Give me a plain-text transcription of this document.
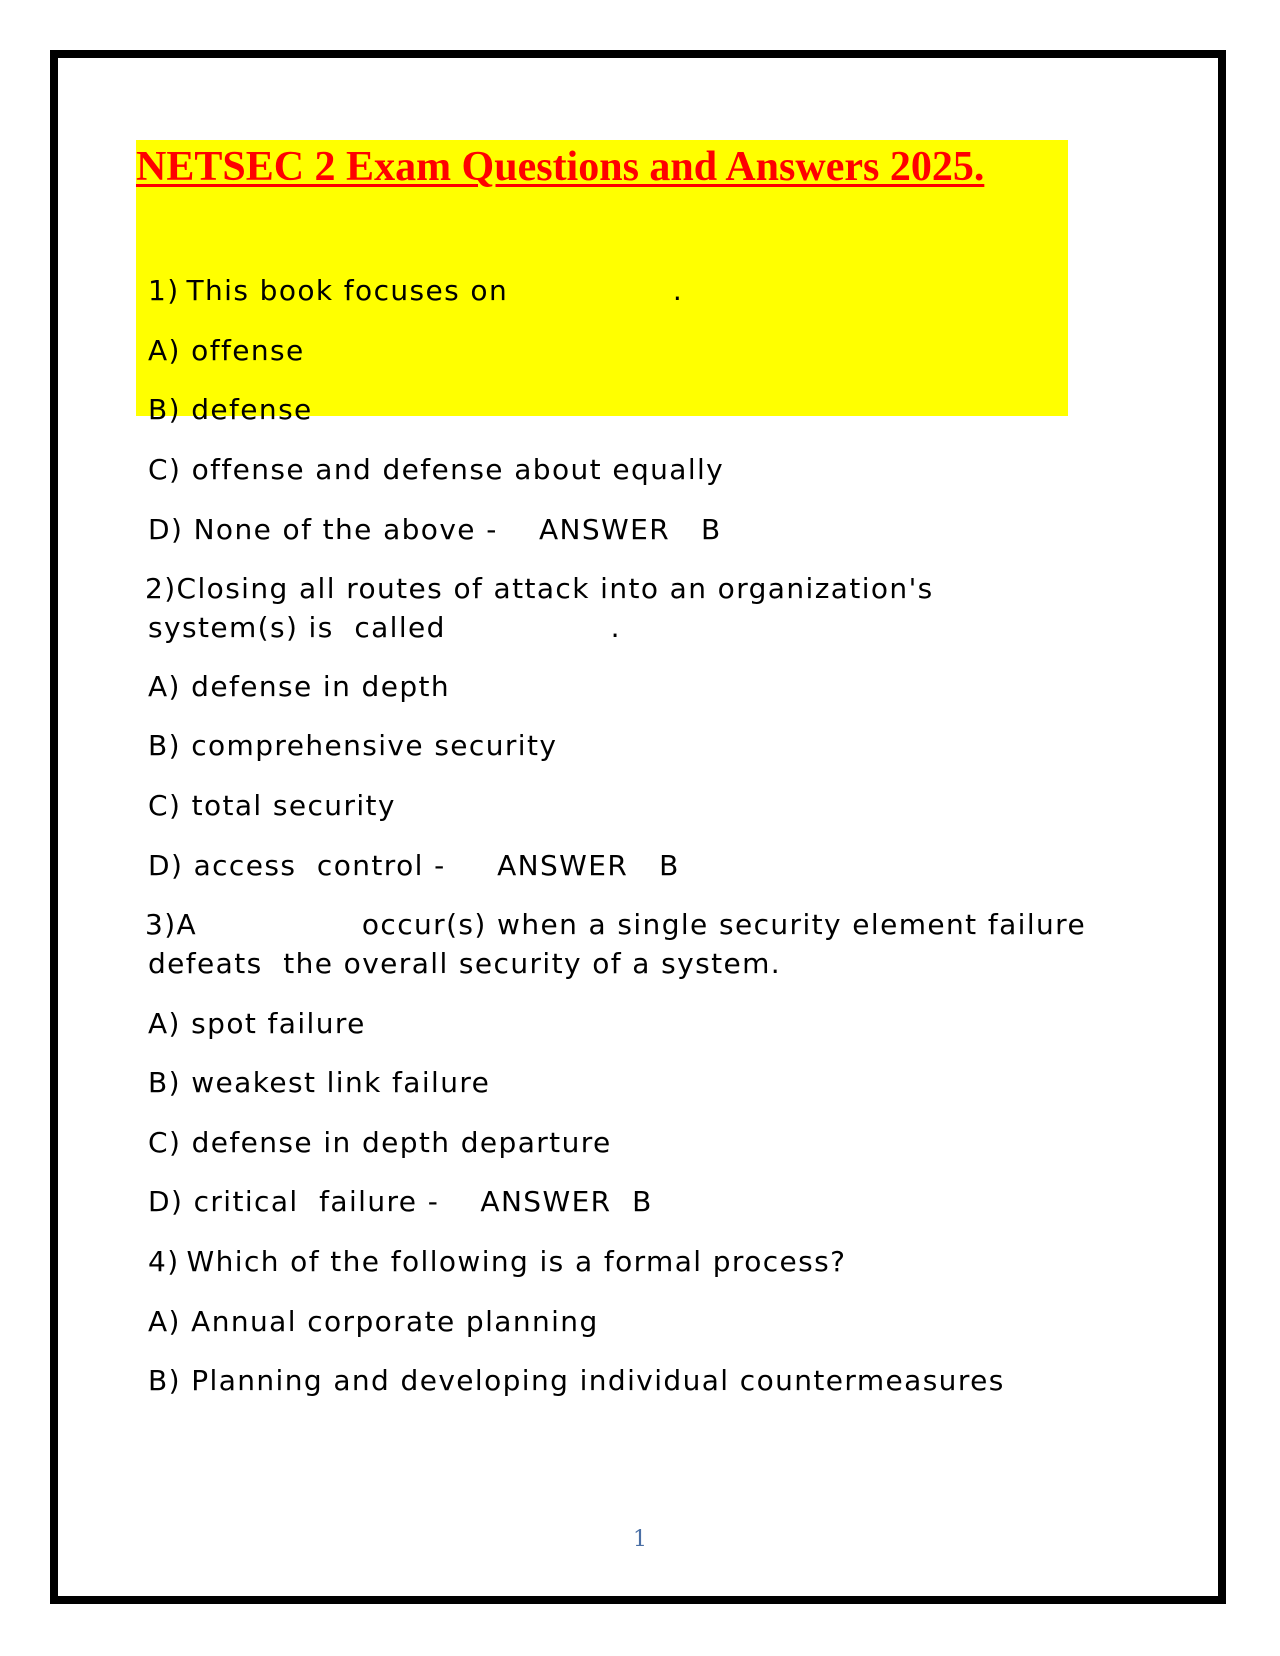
NETSEC 2 Exam Questions and Answers 2025.

1) This book focuses on                .

A) offense

B) defense

C) offense and defense about equally

D) None of the above -    ANSWER   B

2)Closing all routes of attack into an organization's

system(s) is  called                .

A) defense in depth

B) comprehensive security

C) total security

D) access  control -     ANSWER   B

3)A                occur(s) when a single security element failure

defeats  the overall security of a system.

A) spot failure

B) weakest link failure

C) defense in depth departure

D) critical  failure -    ANSWER  B

4) Which of the following is a formal process?

A) Annual corporate planning

B) Planning and developing individual countermeasures

1
